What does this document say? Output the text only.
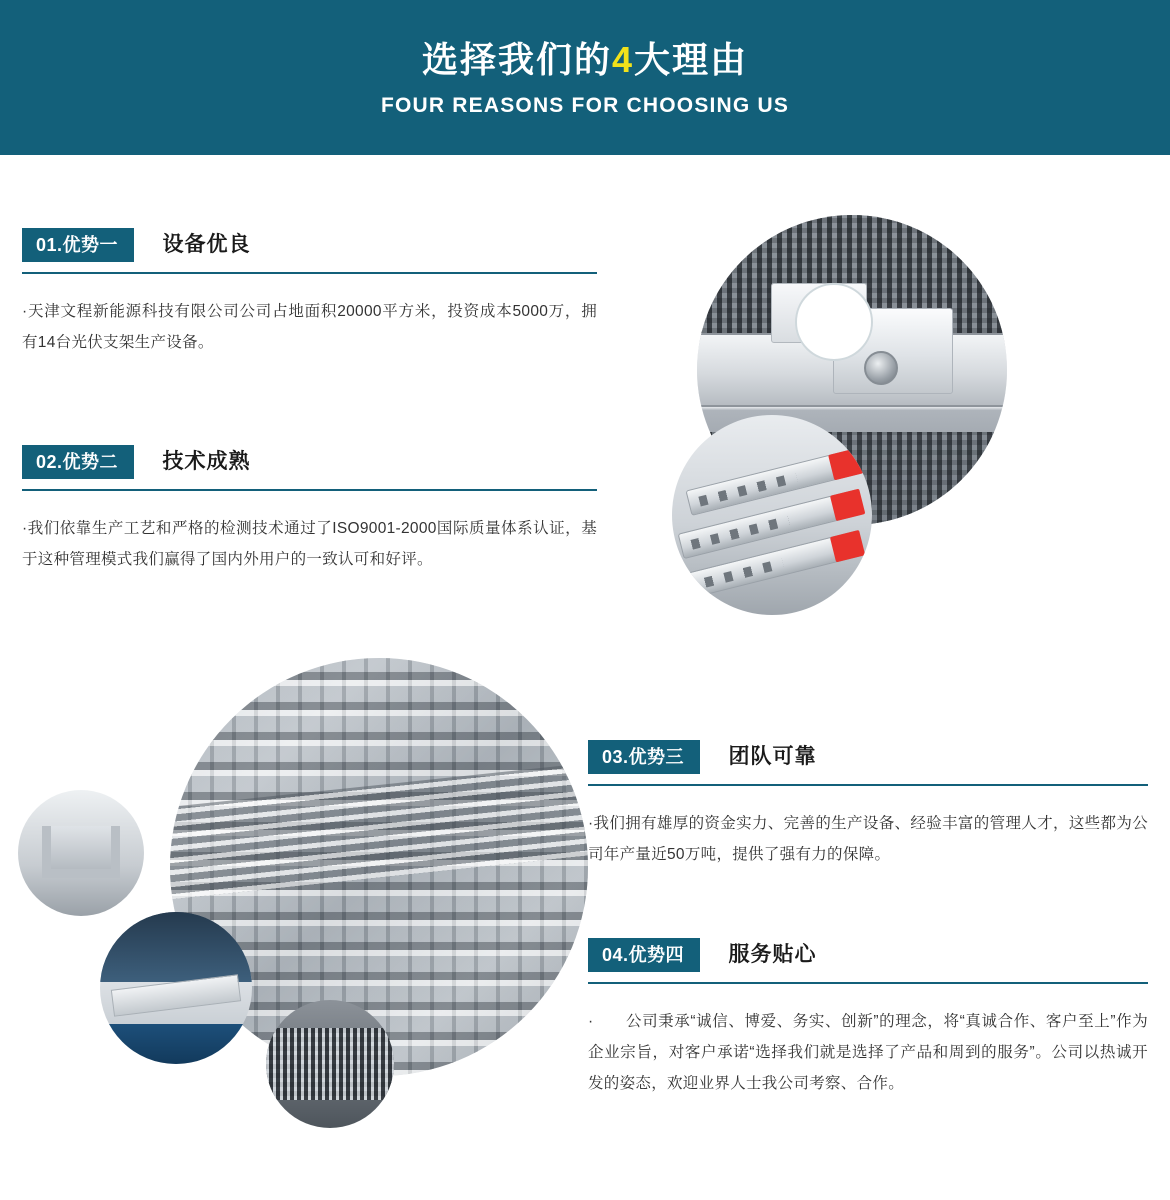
选择我们的4大理由
FOUR REASONS FOR CHOOSING US
01.优势一 设备优良
·天津文程新能源科技有限公司公司占地面积20000平方米，投资成本5000万，拥有14台光伏支架生产设备。
02.优势二 技术成熟
·我们依靠生产工艺和严格的检测技术通过了ISO9001-2000国际质量体系认证，基于这种管理模式我们赢得了国内外用户的一致认可和好评。
03.优势三 团队可靠
·我们拥有雄厚的资金实力、完善的生产设备、经验丰富的管理人才，这些都为公司年产量近50万吨，提供了强有力的保障。
04.优势四 服务贴心
·　　公司秉承“诚信、博爱、务实、创新”的理念，将“真诚合作、客户至上”作为企业宗旨，对客户承诺“选择我们就是选择了产品和周到的服务”。公司以热诚开发的姿态，欢迎业界人士我公司考察、合作。
